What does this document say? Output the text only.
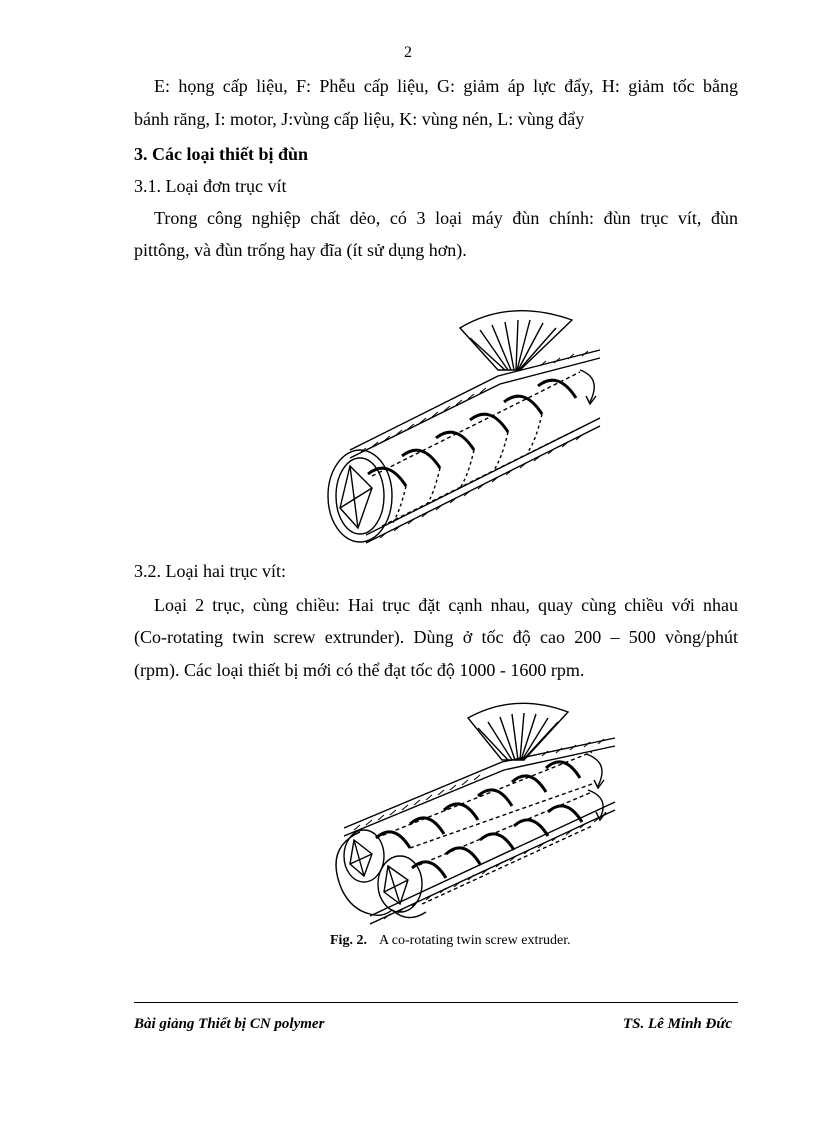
2
E: họng cấp liệu, F: Phễu cấp liệu, G: giảm áp lực đẩy, H: giảm tốc bằng
bánh răng, I: motor, J:vùng cấp liệu, K: vùng nén, L: vùng đẩy
3. Các loại thiết bị đùn
3.1. Loại đơn trục vít
Trong công nghiệp chất dẻo, có 3 loại máy đùn chính: đùn trục vít, đùn
pittông, và đùn trống hay đĩa (ít sử dụng hơn).
3.2. Loại hai trục vít:
Loại 2 trục, cùng chiều: Hai trục đặt cạnh nhau, quay cùng chiều với nhau
(Co-rotating twin screw extrunder). Dùng ở tốc độ cao 200 – 500 vòng/phút
(rpm). Các loại thiết bị mới có thể đạt tốc độ 1000 - 1600 rpm.
Fig. 2. A co-rotating twin screw extruder.
Bài giảng Thiết bị CN polymer	TS. Lê Minh Đức
